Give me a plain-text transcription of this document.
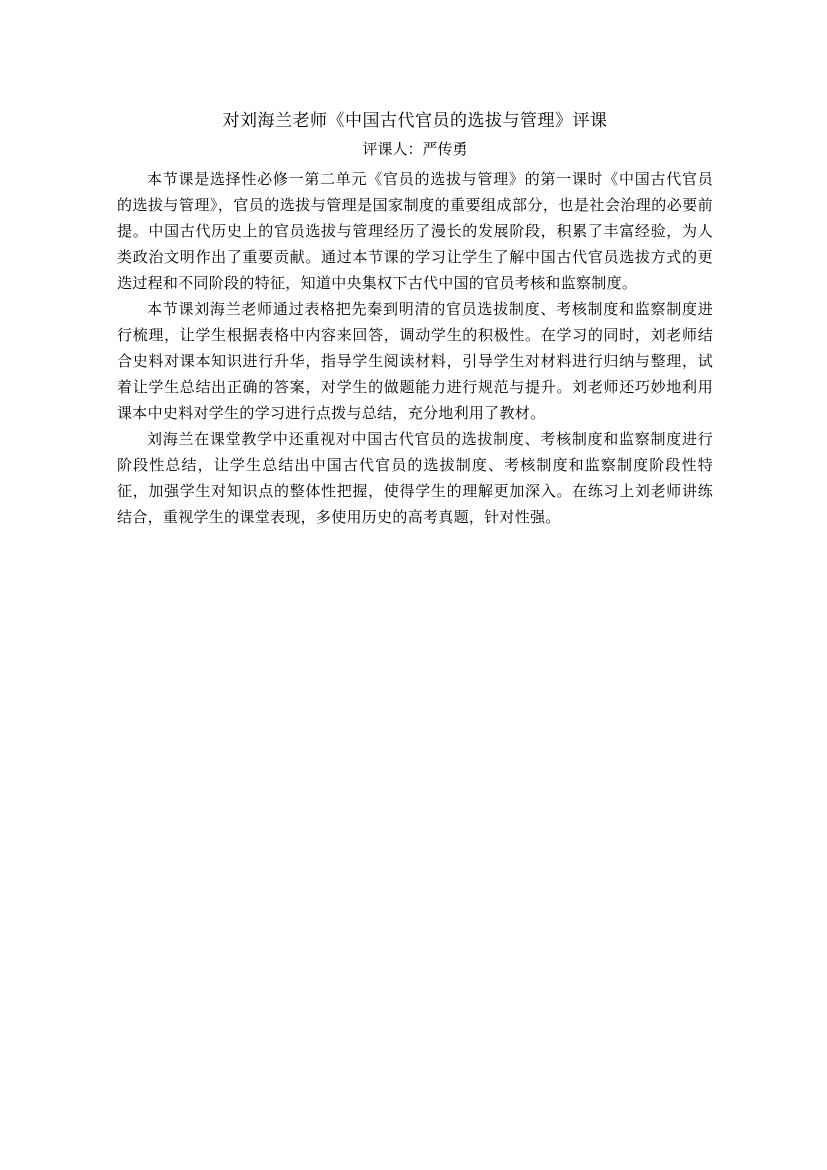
对刘海兰老师《中国古代官员的选拔与管理》评课

评课人：严传勇

本节课是选择性必修一第二单元《官员的选拔与管理》的第一课时《中国古代官员的选拔与管理》，官员的选拔与管理是国家制度的重要组成部分，也是社会治理的必要前提。中国古代历史上的官员选拔与管理经历了漫长的发展阶段，积累了丰富经验，为人类政治文明作出了重要贡献。通过本节课的学习让学生了解中国古代官员选拔方式的更迭过程和不同阶段的特征，知道中央集权下古代中国的官员考核和监察制度。

本节课刘海兰老师通过表格把先秦到明清的官员选拔制度、考核制度和监察制度进行梳理，让学生根据表格中内容来回答，调动学生的积极性。在学习的同时，刘老师结合史料对课本知识进行升华，指导学生阅读材料，引导学生对材料进行归纳与整理，试着让学生总结出正确的答案，对学生的做题能力进行规范与提升。刘老师还巧妙地利用课本中史料对学生的学习进行点拨与总结，充分地利用了教材。

刘海兰在课堂教学中还重视对中国古代官员的选拔制度、考核制度和监察制度进行阶段性总结，让学生总结出中国古代官员的选拔制度、考核制度和监察制度阶段性特征，加强学生对知识点的整体性把握，使得学生的理解更加深入。在练习上刘老师讲练结合，重视学生的课堂表现，多使用历史的高考真题，针对性强。
